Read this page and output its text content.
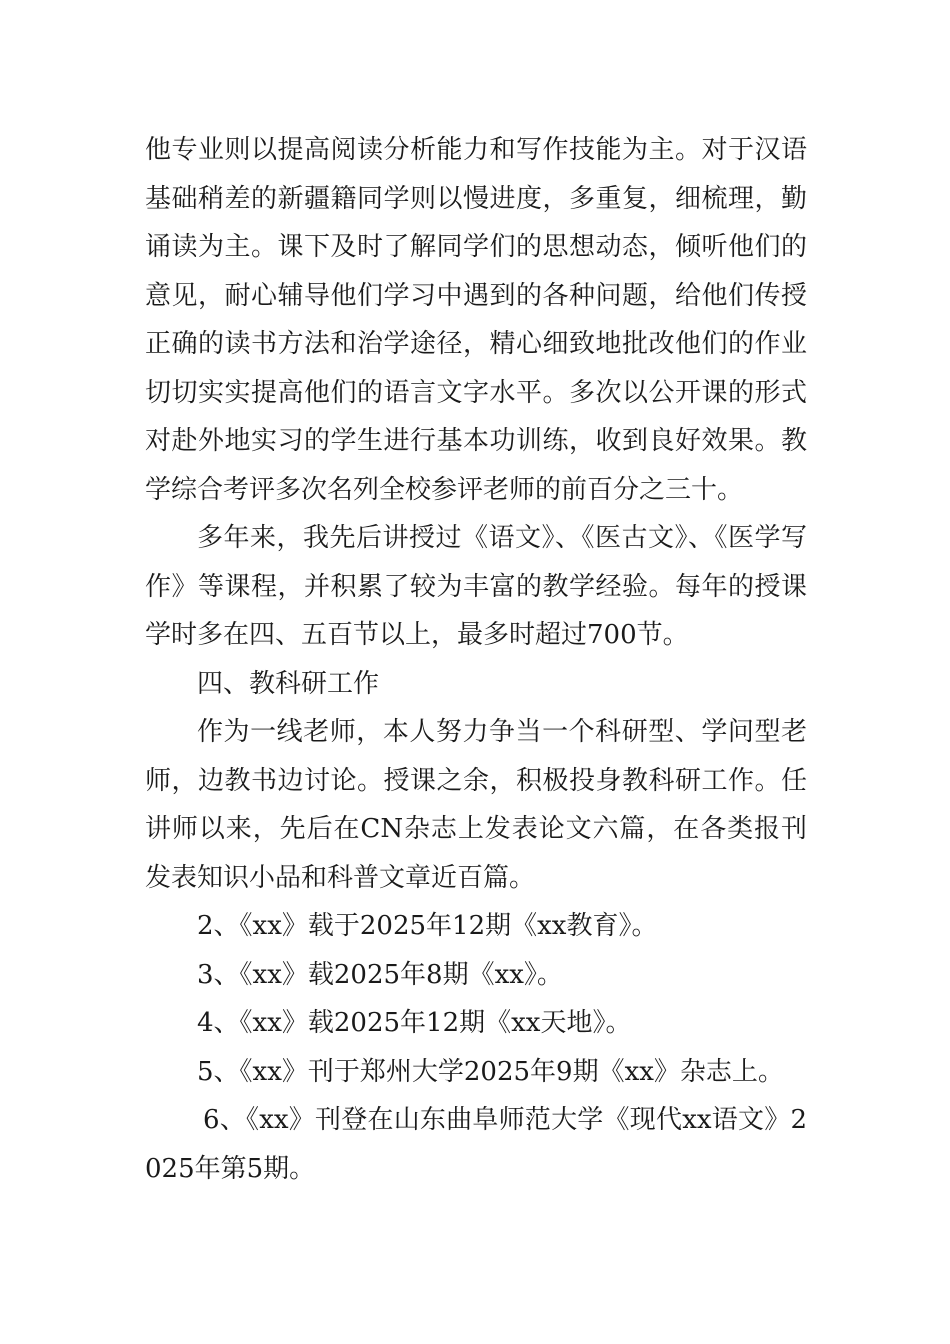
他专业则以提高阅读分析能力和写作技能为主。对于汉语基础稍差的新疆籍同学则以慢进度，多重复，细梳理，勤诵读为主。课下及时了解同学们的思想动态，倾听他们的意见，耐心辅导他们学习中遇到的各种问题，给他们传授正确的读书方法和治学途径，精心细致地批改他们的作业切切实实提高他们的语言文字水平。多次以公开课的形式对赴外地实习的学生进行基本功训练，收到良好效果。教学综合考评多次名列全校参评老师的前百分之三十。

多年来，我先后讲授过《语文》、《医古文》、《医学写作》等课程，并积累了较为丰富的教学经验。每年的授课学时多在四、五百节以上，最多时超过700节。

四、教科研工作

作为一线老师，本人努力争当一个科研型、学问型老师，边教书边讨论。授课之余，积极投身教科研工作。任讲师以来，先后在CN杂志上发表论文六篇，在各类报刊发表知识小品和科普文章近百篇。

2、《xx》载于2025年12期《xx教育》。

3、《xx》载2025年8期《xx》。

4、《xx》载2025年12期《xx天地》。

5、《xx》刊于郑州大学2025年9期《xx》杂志上。

6、《xx》刊登在山东曲阜师范大学《现代xx语文》2025年第5期。
